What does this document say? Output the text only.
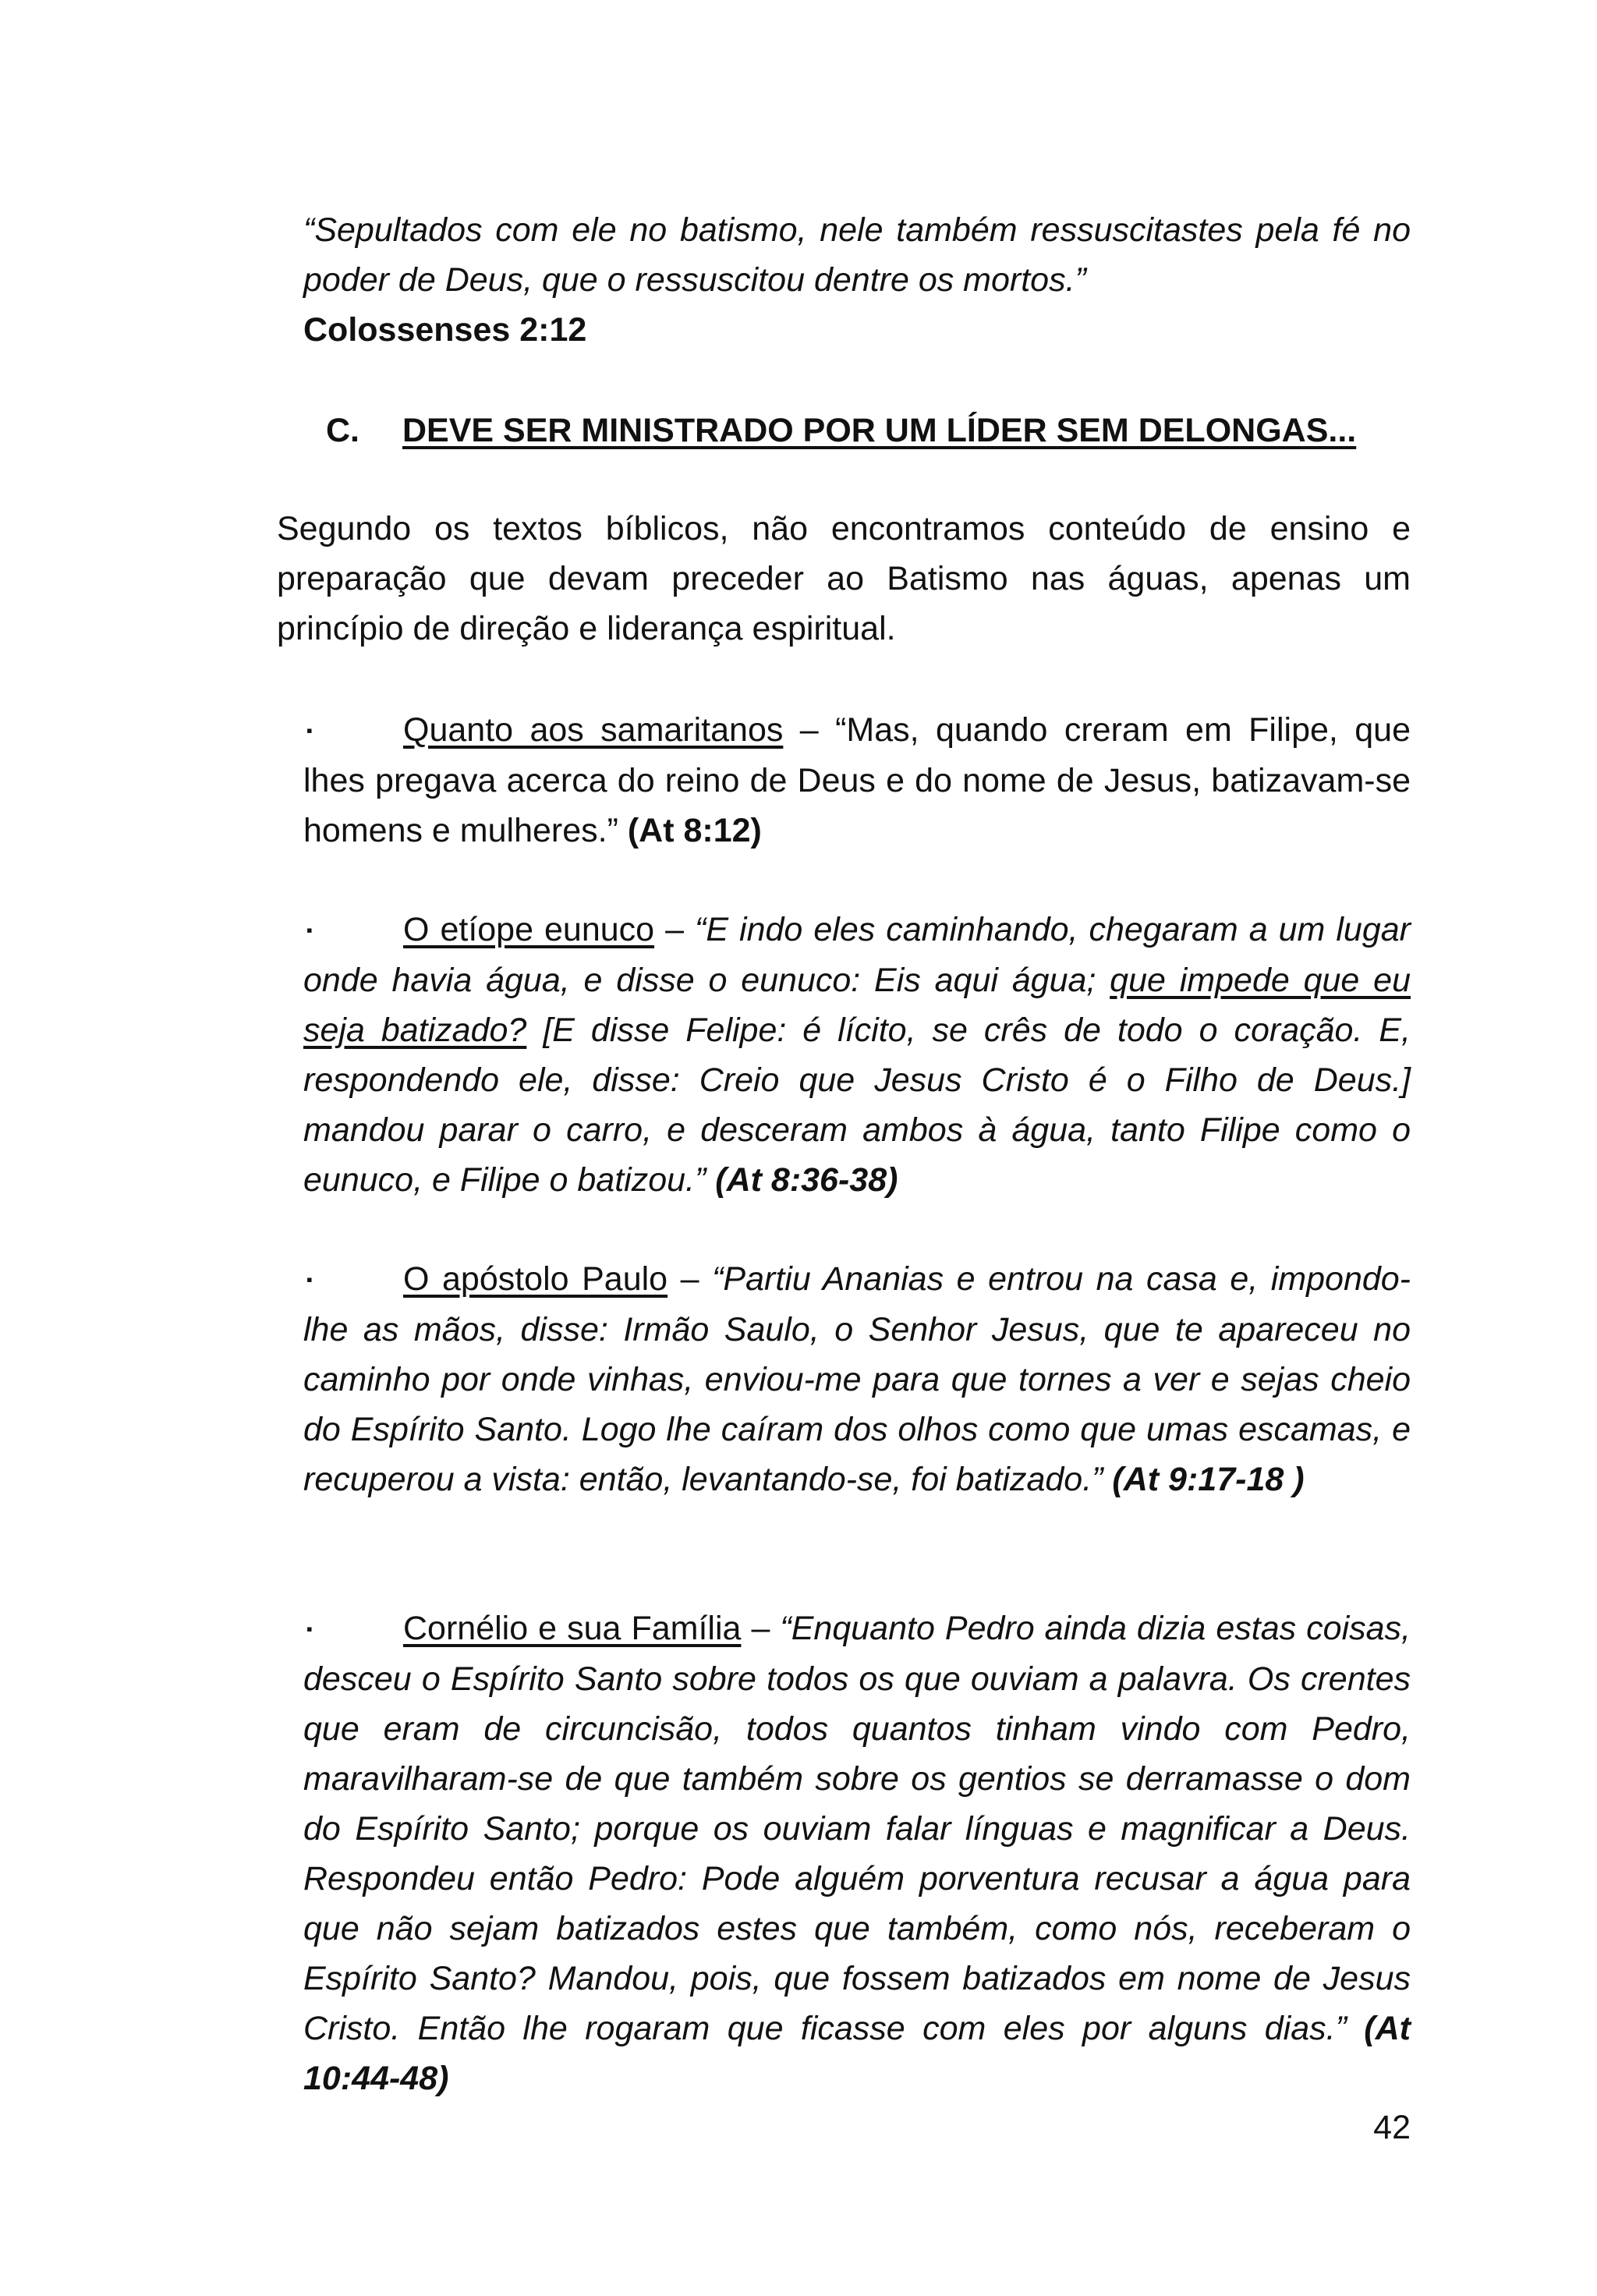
“Sepultados com ele no batismo, nele também ressuscitastes pela fé no poder de Deus, que o ressuscitou dentre os mortos.”
Colossenses 2:12
C. DEVE SER MINISTRADO POR UM LÍDER SEM DELONGAS...
Segundo os textos bíblicos, não encontramos conteúdo de ensino e preparação que devam preceder ao Batismo nas águas, apenas um princípio de direção e liderança espiritual.
▪	Quanto aos samaritanos – “Mas, quando creram em Filipe, que lhes pregava acerca do reino de Deus e do nome de Jesus, batizavam-se homens e mulheres.” (At 8:12)
▪	O etíope eunuco – “E indo eles caminhando, chegaram a um lugar onde havia água, e disse o eunuco: Eis aqui água; que impede que eu seja batizado? [E disse Felipe: é lícito, se crês de todo o coração. E, respondendo ele, disse: Creio que Jesus Cristo é o Filho de Deus.] mandou parar o carro, e desceram ambos à água, tanto Filipe como o eunuco, e Filipe o batizou.” (At 8:36-38)
▪	O apóstolo Paulo – “Partiu Ananias e entrou na casa e, impondo-lhe as mãos, disse: Irmão Saulo, o Senhor Jesus, que te apareceu no caminho por onde vinhas, enviou-me para que tornes a ver e sejas cheio do Espírito Santo. Logo lhe caíram dos olhos como que umas escamas, e recuperou a vista: então, levantando-se, foi batizado.” (At 9:17-18 )
▪	Cornélio e sua Família – “Enquanto Pedro ainda dizia estas coisas, desceu o Espírito Santo sobre todos os que ouviam a palavra. Os crentes que eram de circuncisão, todos quantos tinham vindo com Pedro, maravilharam-se de que também sobre os gentios se derramasse o dom do Espírito Santo; porque os ouviam falar línguas e magnificar a Deus. Respondeu então Pedro: Pode alguém porventura recusar a água para que não sejam batizados estes que também, como nós, receberam o Espírito Santo? Mandou, pois, que fossem batizados em nome de Jesus Cristo. Então lhe rogaram que ficasse com eles por alguns dias.” (At 10:44-48)
42
